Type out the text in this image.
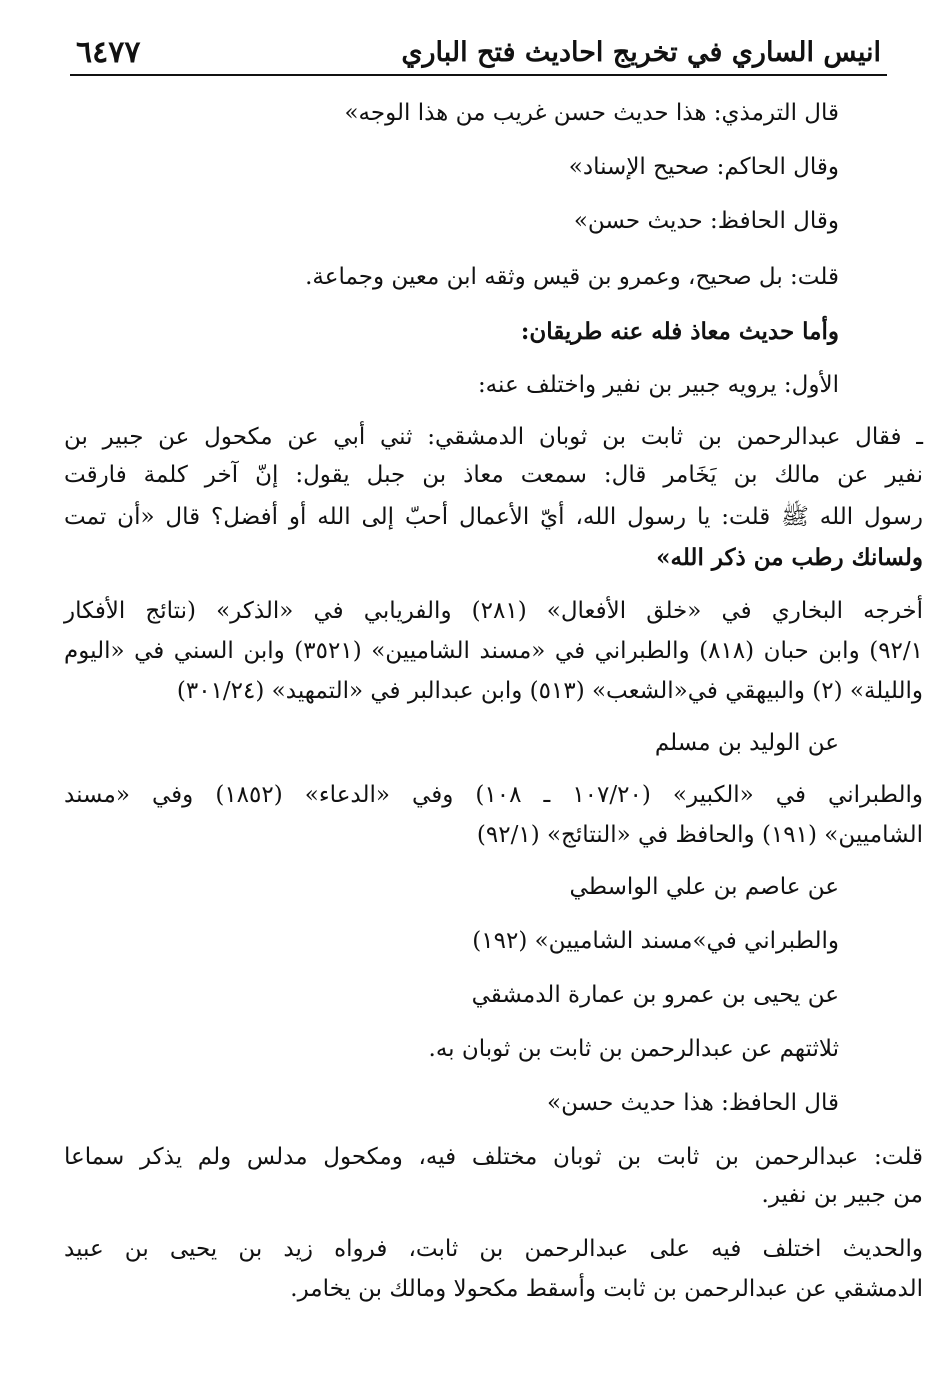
انيس الساري في تخريج احاديث فتح الباري
٦٤٧٧
قال الترمذي: هذا حديث حسن غريب من هذا الوجه»
وقال الحاكم: صحيح الإسناد»
وقال الحافظ: حديث حسن»
قلت: بل صحيح، وعمرو بن قيس وثقه ابن معين وجماعة.
وأما حديث معاذ فله عنه طريقان:
الأول: يرويه جبير بن نفير واختلف عنه:
ـ فقال عبدالرحمن بن ثابت بن ثوبان الدمشقي: ثني أبي عن مكحول عن جبير بن
نفير عن مالك بن يَخَامر قال: سمعت معاذ بن جبل يقول: إنّ آخر كلمة فارقت
رسول الله ﷺ قلت: يا رسول الله، أيّ الأعمال أحبّ إلى الله أو أفضل؟ قال «أن تمت
ولسانك رطب من ذكر الله»
أخرجه البخاري في «خلق الأفعال» (٢٨١) والفريابي في «الذكر» (نتائج الأفكار
٩٢/١) وابن حبان (٨١٨) والطبراني في «مسند الشاميين» (٣٥٢١) وابن السني في «اليوم
والليلة» (٢) والبيهقي في«الشعب» (٥١٣) وابن عبدالبر في «التمهيد» (٣٠١/٢٤)
عن الوليد بن مسلم
والطبراني في «الكبير» (١٠٧/٢٠ ـ ١٠٨) وفي «الدعاء» (١٨٥٢) وفي «مسند
الشاميين» (١٩١) والحافظ في «النتائج» (٩٢/١)
عن عاصم بن علي الواسطي
والطبراني في»مسند الشاميين» (١٩٢)
عن يحيى بن عمرو بن عمارة الدمشقي
ثلاثتهم عن عبدالرحمن بن ثابت بن ثوبان به.
قال الحافظ: هذا حديث حسن»
قلت: عبدالرحمن بن ثابت بن ثوبان مختلف فيه، ومكحول مدلس ولم يذكر سماعا
من جبير بن نفير.
والحديث اختلف فيه على عبدالرحمن بن ثابت، فرواه زيد بن يحيى بن عبيد
الدمشقي عن عبدالرحمن بن ثابت وأسقط مكحولا ومالك بن يخامر.
